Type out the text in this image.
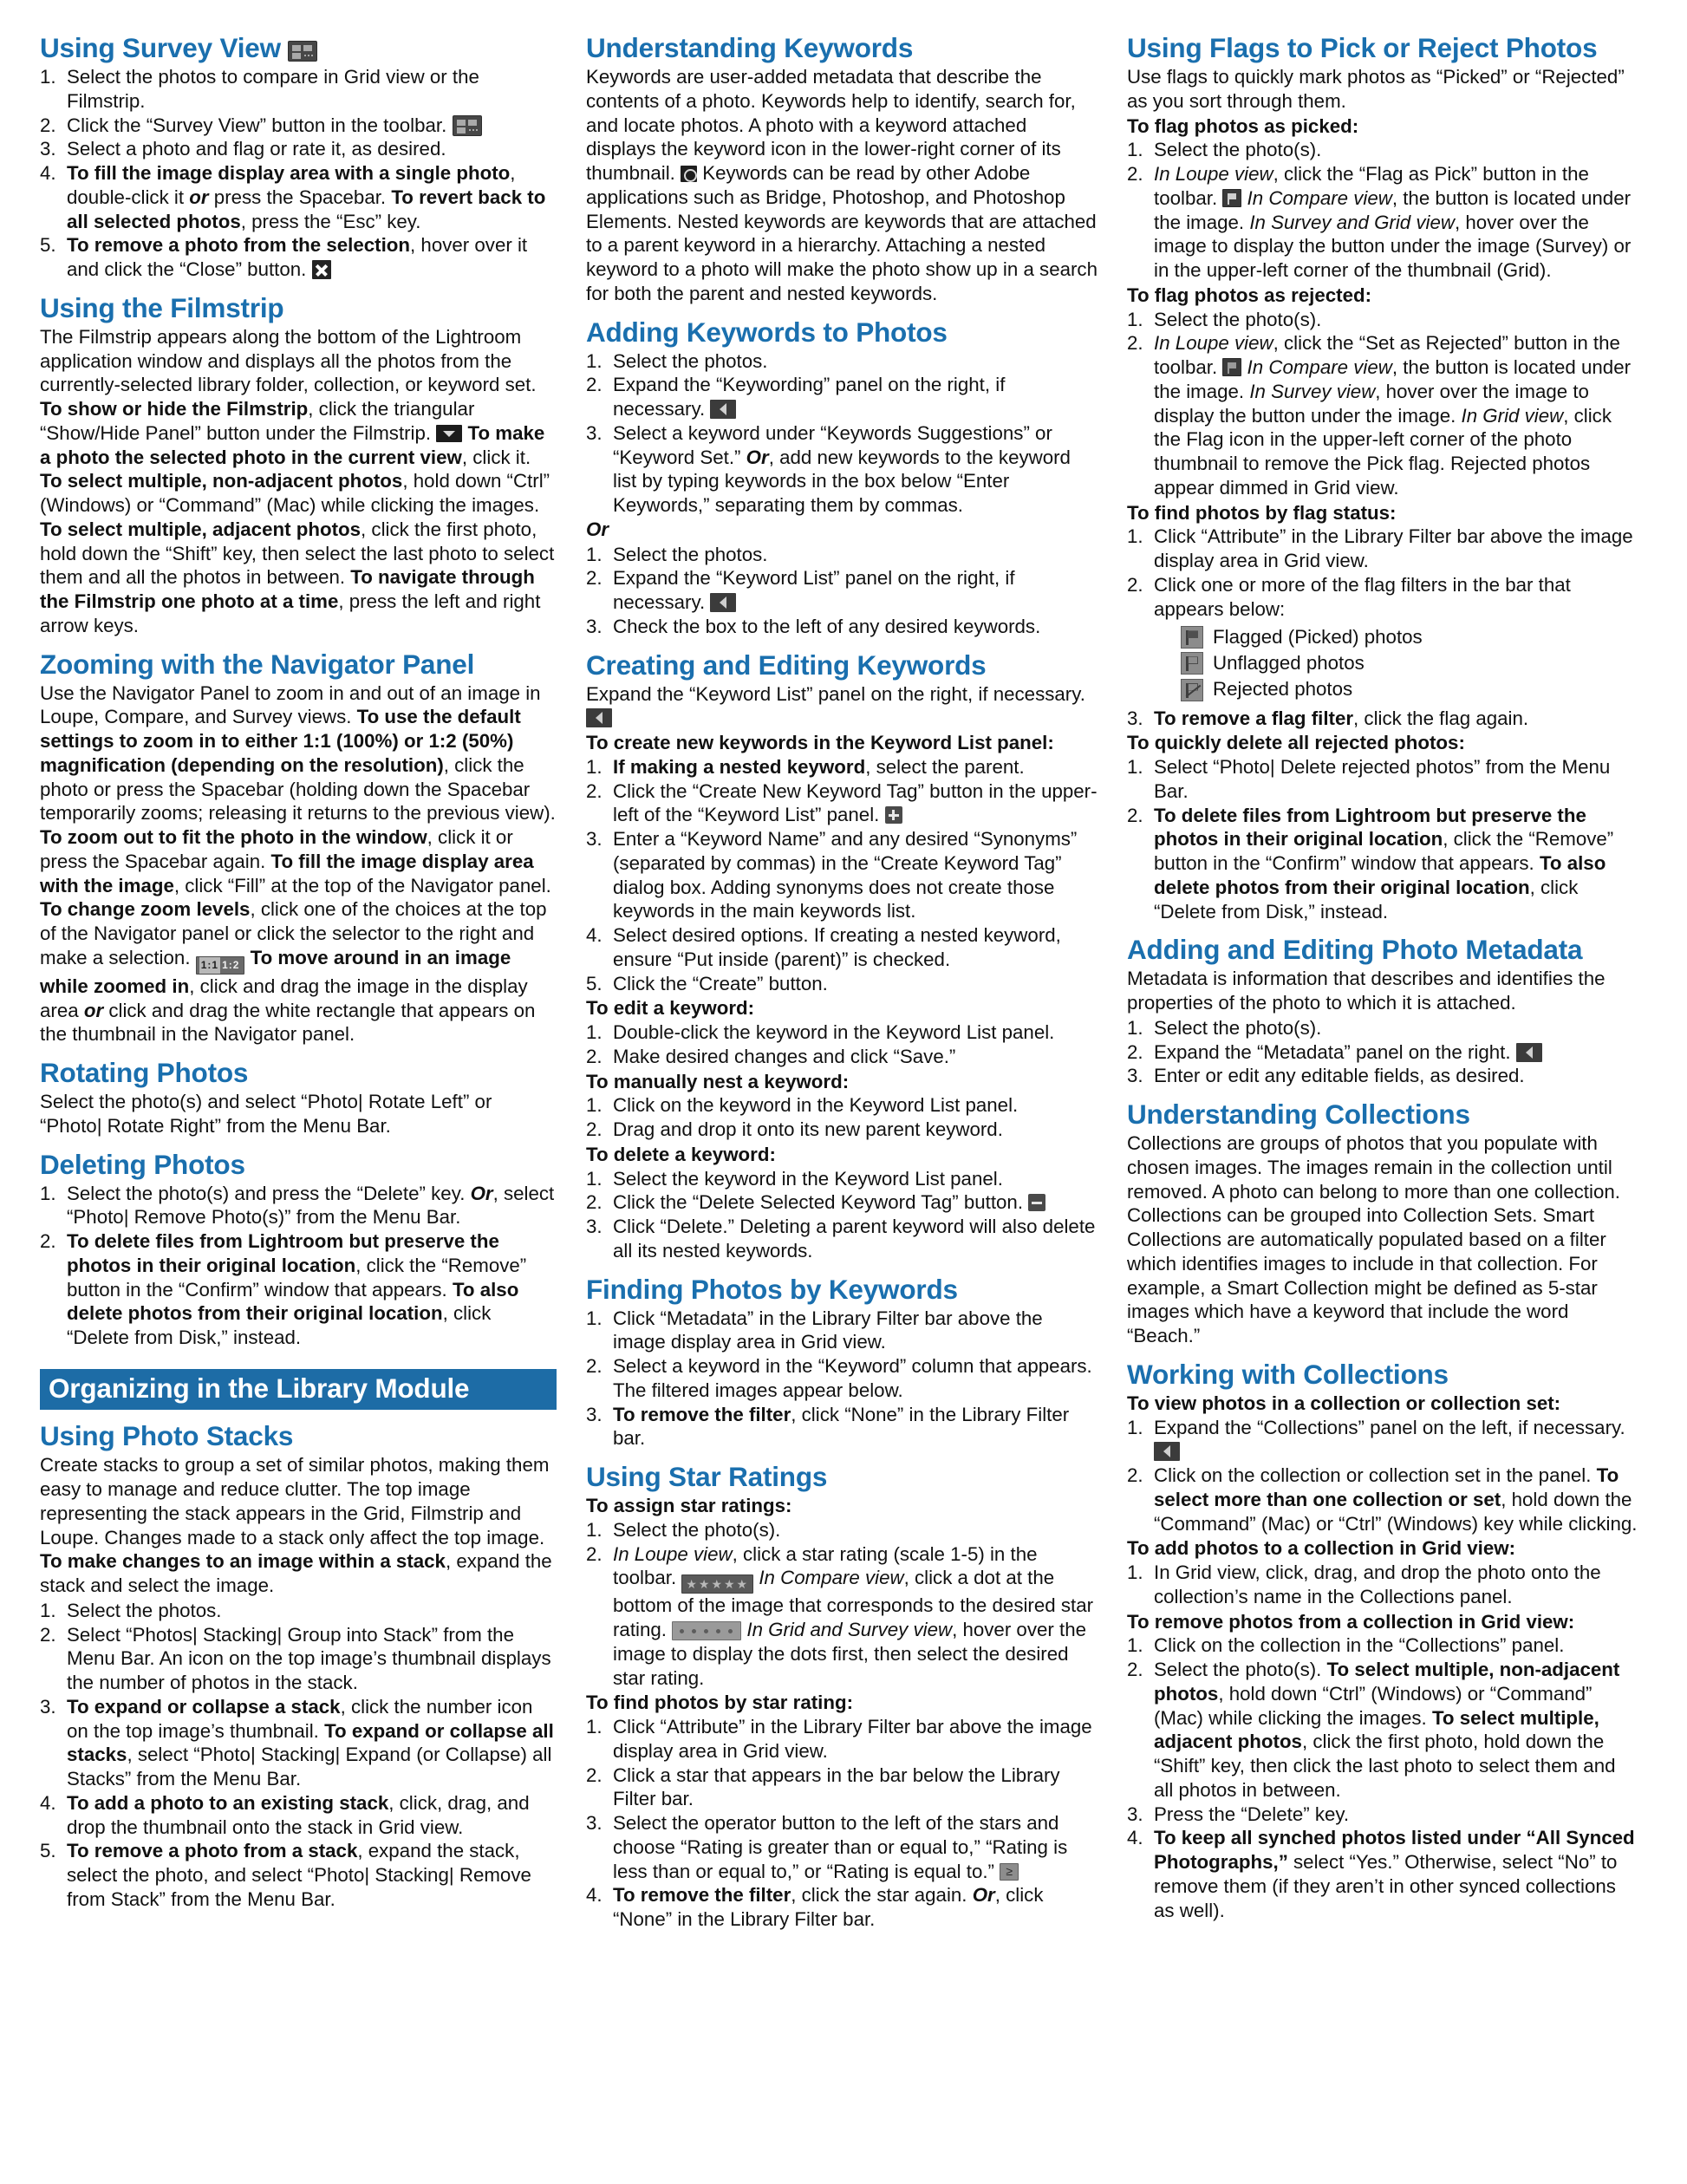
Using Survey View
1. Select the photos to compare in Grid view or the Filmstrip.
2. Click the “Survey View” button in the toolbar.
3. Select a photo and flag or rate it, as desired.
4. To fill the image display area with a single photo, double-click it or press the Spacebar. To revert back to all selected photos, press the “Esc” key.
5. To remove a photo from the selection, hover over it and click the “Close” button.
Using the Filmstrip

The Filmstrip appears along the bottom of the Lightroom application window and displays all the photos from the currently-selected library folder, collection, or keyword set. To show or hide the Filmstrip, click the triangular “Show/Hide Panel” button under the Filmstrip.  To make a photo the selected photo in the current view, click it. To select multiple, non-adjacent photos, hold down “Ctrl” (Windows) or “Command” (Mac) while clicking the images. To select multiple, adjacent photos, click the first photo, hold down the “Shift” key, then select the last photo to select them and all the photos in between. To navigate through the Filmstrip one photo at a time, press the left and right arrow keys.

Zooming with the Navigator Panel

Use the Navigator Panel to zoom in and out of an image in Loupe, Compare, and Survey views. To use the default settings to zoom in to either 1:1 (100%) or 1:2 (50%) magnification (depending on the resolution), click the photo or press the Spacebar (holding down the Spacebar temporarily zooms; releasing it returns to the previous view). To zoom out to fit the photo in the window, click it or press the Spacebar again. To fill the image display area with the image, click “Fill” at the top of the Navigator panel. To change zoom levels, click one of the choices at the top of the Navigator panel or click the selector to the right and make a selection. 1:1 1:2 To move around in an image while zoomed in, click and drag the image in the display area or click and drag the white rectangle that appears on the thumbnail in the Navigator panel.

Rotating Photos

Select the photo(s) and select “Photo| Rotate Left” or “Photo| Rotate Right” from the Menu Bar.

Deleting Photos
1. Select the photo(s) and press the “Delete” key. Or, select “Photo| Remove Photo(s)” from the Menu Bar.
2. To delete files from Lightroom but preserve the photos in their original location, click the “Remove” button in the “Confirm” window that appears. To also delete photos from their original location, click “Delete from Disk,” instead.
Organizing in the Library Module
Using Photo Stacks

Create stacks to group a set of similar photos, making them easy to manage and reduce clutter. The top image representing the stack appears in the Grid, Filmstrip and Loupe. Changes made to a stack only affect the top image. To make changes to an image within a stack, expand the stack and select the image.

1. Select the photos.
2. Select “Photos| Stacking| Group into Stack” from the Menu Bar. An icon on the top image’s thumbnail displays the number of photos in the stack.
3. To expand or collapse a stack, click the number icon on the top image’s thumbnail. To expand or collapse all stacks, select “Photo| Stacking| Expand (or Collapse) all Stacks” from the Menu Bar.
4. To add a photo to an existing stack, click, drag, and drop the thumbnail onto the stack in Grid view.
5. To remove a photo from a stack, expand the stack, select the photo, and select “Photo| Stacking| Remove from Stack” from the Menu Bar.
Understanding Keywords

Keywords are user-added metadata that describe the contents of a photo. Keywords help to identify, search for, and locate photos. A photo with a keyword attached displays the keyword icon in the lower-right corner of its thumbnail.  Keywords can be read by other Adobe applications such as Bridge, Photoshop, and Photoshop Elements. Nested keywords are keywords that are attached to a parent keyword in a hierarchy. Attaching a nested keyword to a photo will make the photo show up in a search for both the parent and nested keywords.

Adding Keywords to Photos
1. Select the photos.
2. Expand the “Keywording” panel on the right, if necessary.
3. Select a keyword under “Keywords Suggestions” or “Keyword Set.” Or, add new keywords to the keyword list by typing keywords in the box below “Enter Keywords,” separating them by commas.

Or

1. Select the photos.
2. Expand the “Keyword List” panel on the right, if necessary.
3. Check the box to the left of any desired keywords.
Creating and Editing Keywords

Expand the “Keyword List” panel on the right, if necessary.

To create new keywords in the Keyword List panel:

1. If making a nested keyword, select the parent.
2. Click the “Create New Keyword Tag” button in the upper-left of the “Keyword List” panel.
3. Enter a “Keyword Name” and any desired “Synonyms” (separated by commas) in the “Create Keyword Tag” dialog box. Adding synonyms does not create those keywords in the main keywords list.
4. Select desired options. If creating a nested keyword, ensure “Put inside (parent)” is checked.
5. Click the “Create” button.

To edit a keyword:

1. Double-click the keyword in the Keyword List panel.
2. Make desired changes and click “Save.”

To manually nest a keyword:

1. Click on the keyword in the Keyword List panel.
2. Drag and drop it onto its new parent keyword.

To delete a keyword:

1. Select the keyword in the Keyword List panel.
2. Click the “Delete Selected Keyword Tag” button.
3. Click “Delete.” Deleting a parent keyword will also delete all its nested keywords.
Finding Photos by Keywords
1. Click “Metadata” in the Library Filter bar above the image display area in Grid view.
2. Select a keyword in the “Keyword” column that appears. The filtered images appear below.
3. To remove the filter, click “None” in the Library Filter bar.
Using Star Ratings

To assign star ratings:

1. Select the photo(s).
2. In Loupe view, click a star rating (scale 1-5) in the toolbar. ★★★★★ In Compare view, click a dot at the bottom of the image that corresponds to the desired star rating.	In Grid and Survey view, hover over the image to display the dots first, then select the desired star rating.

To find photos by star rating:

1. Click “Attribute” in the Library Filter bar above the image display area in Grid view.
2. Click a star that appears in the bar below the Library Filter bar.
3. Select the operator button to the left of the stars and choose “Rating is greater than or equal to,” “Rating is less than or equal to,” or “Rating is equal to.” ≥
4. To remove the filter, click the star again. Or, click “None” in the Library Filter bar.
Using Flags to Pick or Reject Photos

Use flags to quickly mark photos as “Picked” or “Rejected” as you sort through them.

To flag photos as picked:

1. Select the photo(s).
2. In Loupe view, click the “Flag as Pick” button in the toolbar. In Compare view, the button is located under the image. In Survey and Grid view, hover over the image to display the button under the image (Survey) or in the upper-left corner of the thumbnail (Grid).

To flag photos as rejected:

1. Select the photo(s).
2. In Loupe view, click the “Set as Rejected” button in the toolbar. In Compare view, the button is located under the image. In Survey view, hover over the image to display the button under the image. In Grid view, click the Flag icon in the upper-left corner of the photo thumbnail to remove the Pick flag. Rejected photos appear dimmed in Grid view.

To find photos by flag status:

1. Click “Attribute” in the Library Filter bar above the image display area in Grid view.
2. Click one or more of the flag filters in the bar that appears below:
Flagged (Picked) photos
Unflagged photos
Rejected photos
3. To remove a flag filter, click the flag again.

To quickly delete all rejected photos:

1. Select “Photo| Delete rejected photos” from the Menu Bar.
2. To delete files from Lightroom but preserve the photos in their original location, click the “Remove” button in the “Confirm” window that appears. To also delete photos from their original location, click “Delete from Disk,” instead.
Adding and Editing Photo Metadata

Metadata is information that describes and identifies the properties of the photo to which it is attached.

1. Select the photo(s).
2. Expand the “Metadata” panel on the right.
3. Enter or edit any editable fields, as desired.
Understanding Collections

Collections are groups of photos that you populate with chosen images. The images remain in the collection until removed. A photo can belong to more than one collection. Collections can be grouped into Collection Sets. Smart Collections are automatically populated based on a filter which identifies images to include in that collection. For example, a Smart Collection might be defined as 5-star images which have a keyword that include the word “Beach.”

Working with Collections

To view photos in a collection or collection set:

1. Expand the “Collections” panel on the left, if necessary.
2. Click on the collection or collection set in the panel. To select more than one collection or set, hold down the “Command” (Mac) or “Ctrl” (Windows) key while clicking.

To add photos to a collection in Grid view:

1. In Grid view, click, drag, and drop the photo onto the collection’s name in the Collections panel.

To remove photos from a collection in Grid view:

1. Click on the collection in the “Collections” panel.
2. Select the photo(s). To select multiple, non-adjacent photos, hold down “Ctrl” (Windows) or “Command” (Mac) while clicking the images. To select multiple, adjacent photos, click the first photo, hold down the “Shift” key, then click the last photo to select them and all photos in between.
3. Press the “Delete” key.
4. To keep all synched photos listed under “All Synced Photographs,” select “Yes.” Otherwise, select “No” to remove them (if they aren’t in other synced collections as well).
